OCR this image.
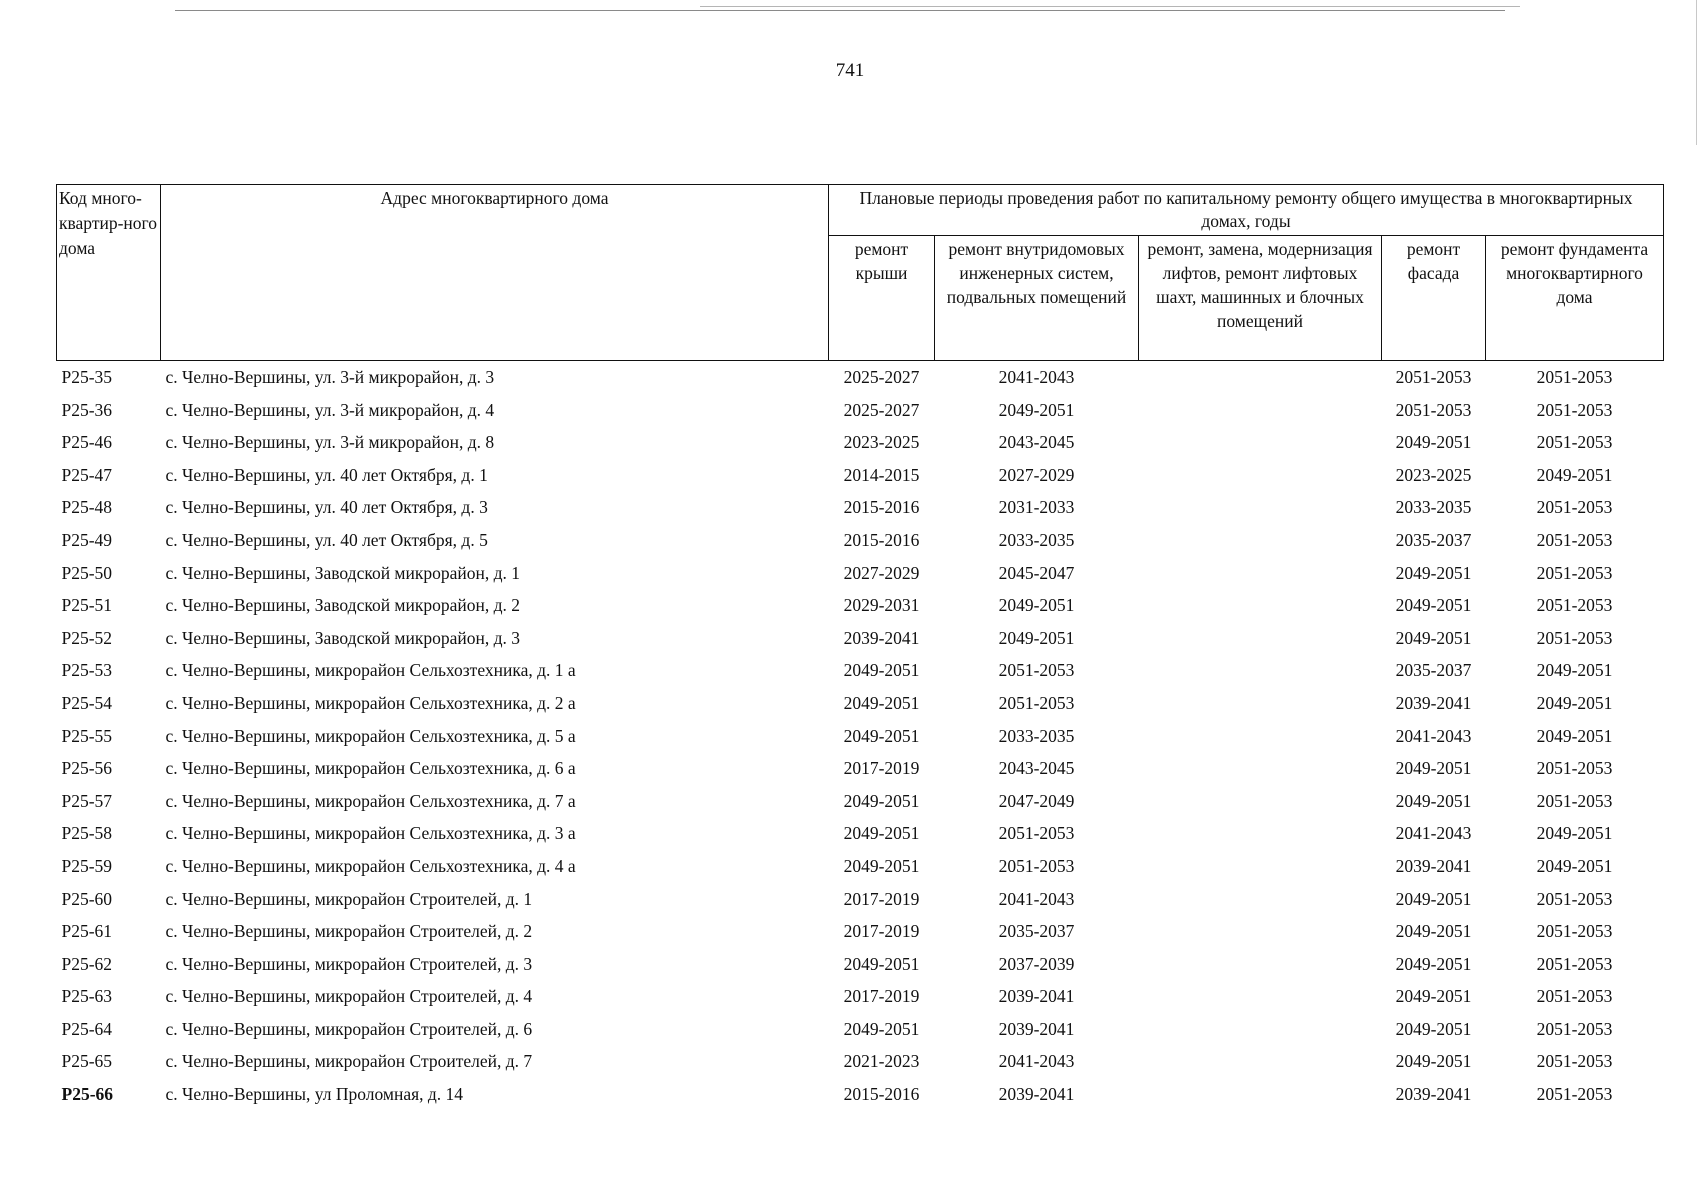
741
Код много-квартир-ного дома	Адрес многоквартирного дома	Плановые периоды проведения работ по капитальному ремонту общего имущества в многоквартирных домах, годы				
		ремонт крыши	ремонт внутридомовых инженерных систем, подвальных помещений	ремонт, замена, модернизация лифтов, ремонт лифтовых шахт, машинных и блочных помещений	ремонт фасада	ремонт фундамента многоквартирного дома
Р25-35	с. Челно-Вершины, ул. 3-й микрорайон, д. 3	2025-2027	2041-2043		2051-2053	2051-2053
Р25-36	с. Челно-Вершины, ул. 3-й микрорайон, д. 4	2025-2027	2049-2051		2051-2053	2051-2053
Р25-46	с. Челно-Вершины, ул. 3-й микрорайон, д. 8	2023-2025	2043-2045		2049-2051	2051-2053
Р25-47	с. Челно-Вершины, ул. 40 лет Октября, д. 1	2014-2015	2027-2029		2023-2025	2049-2051
Р25-48	с. Челно-Вершины, ул. 40 лет Октября, д. 3	2015-2016	2031-2033		2033-2035	2051-2053
Р25-49	с. Челно-Вершины, ул. 40 лет Октября, д. 5	2015-2016	2033-2035		2035-2037	2051-2053
Р25-50	с. Челно-Вершины, Заводской микрорайон, д. 1	2027-2029	2045-2047		2049-2051	2051-2053
Р25-51	с. Челно-Вершины, Заводской микрорайон, д. 2	2029-2031	2049-2051		2049-2051	2051-2053
Р25-52	с. Челно-Вершины, Заводской микрорайон, д. 3	2039-2041	2049-2051		2049-2051	2051-2053
Р25-53	с. Челно-Вершины, микрорайон Сельхозтехника, д. 1 а	2049-2051	2051-2053		2035-2037	2049-2051
Р25-54	с. Челно-Вершины, микрорайон Сельхозтехника, д. 2 а	2049-2051	2051-2053		2039-2041	2049-2051
Р25-55	с. Челно-Вершины, микрорайон Сельхозтехника, д. 5 а	2049-2051	2033-2035		2041-2043	2049-2051
Р25-56	с. Челно-Вершины, микрорайон Сельхозтехника, д. 6 а	2017-2019	2043-2045		2049-2051	2051-2053
Р25-57	с. Челно-Вершины, микрорайон Сельхозтехника, д. 7 а	2049-2051	2047-2049		2049-2051	2051-2053
Р25-58	с. Челно-Вершины, микрорайон Сельхозтехника, д. 3 а	2049-2051	2051-2053		2041-2043	2049-2051
Р25-59	с. Челно-Вершины, микрорайон Сельхозтехника, д. 4 а	2049-2051	2051-2053		2039-2041	2049-2051
Р25-60	с. Челно-Вершины, микрорайон Строителей, д. 1	2017-2019	2041-2043		2049-2051	2051-2053
Р25-61	с. Челно-Вершины, микрорайон Строителей, д. 2	2017-2019	2035-2037		2049-2051	2051-2053
Р25-62	с. Челно-Вершины, микрорайон Строителей, д. 3	2049-2051	2037-2039		2049-2051	2051-2053
Р25-63	с. Челно-Вершины, микрорайон Строителей, д. 4	2017-2019	2039-2041		2049-2051	2051-2053
Р25-64	с. Челно-Вершины, микрорайон Строителей, д. 6	2049-2051	2039-2041		2049-2051	2051-2053
Р25-65	с. Челно-Вершины, микрорайон Строителей, д. 7	2021-2023	2041-2043		2049-2051	2051-2053
Р25-66	с. Челно-Вершины, ул Проломная, д. 14	2015-2016	2039-2041		2039-2041	2051-2053
